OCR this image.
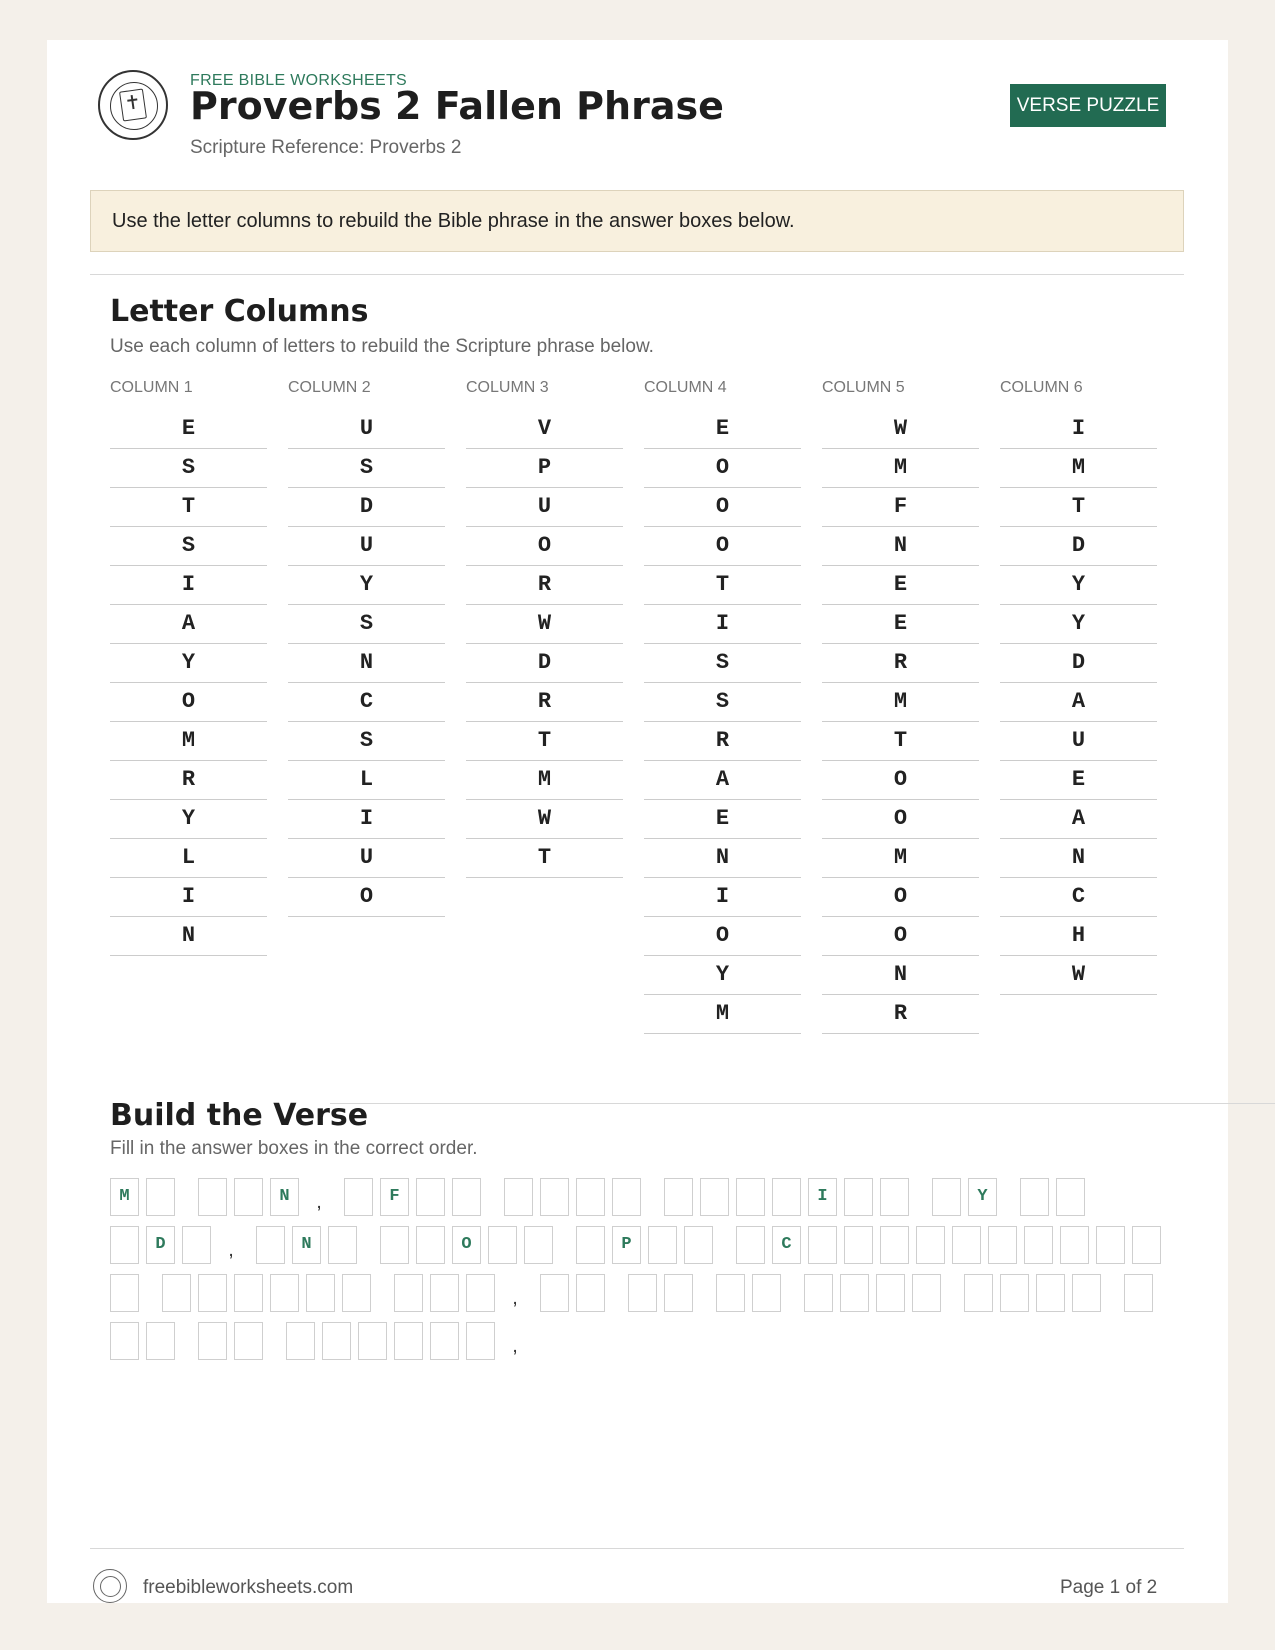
FREE BIBLE WORKSHEETS
Proverbs 2 Fallen Phrase
Scripture Reference: Proverbs 2
VERSE PUZZLE
Use the letter columns to rebuild the Bible phrase in the answer boxes below.
Letter Columns
Use each column of letters to rebuild the Scripture phrase below.
COLUMN 1
E
S
T
S
I
A
Y
O
M
R
Y
L
I
N
COLUMN 2
U
S
D
U
Y
S
N
C
S
L
I
U
O
COLUMN 3
V
P
U
O
R
W
D
R
T
M
W
T
COLUMN 4
E
O
O
O
T
I
S
S
R
A
E
N
I
O
Y
M
COLUMN 5
W
M
F
N
E
E
R
M
T
O
O
M
O
O
N
R
COLUMN 6
I
M
T
D
Y
Y
D
A
U
E
A
N
C
H
W
Build the Verse
Fill in the answer boxes in the correct order.
M	N	,	F	I	Y
D	,	N	O	P	C
,
,
freebibleworksheets.com	Page 1 of 2
